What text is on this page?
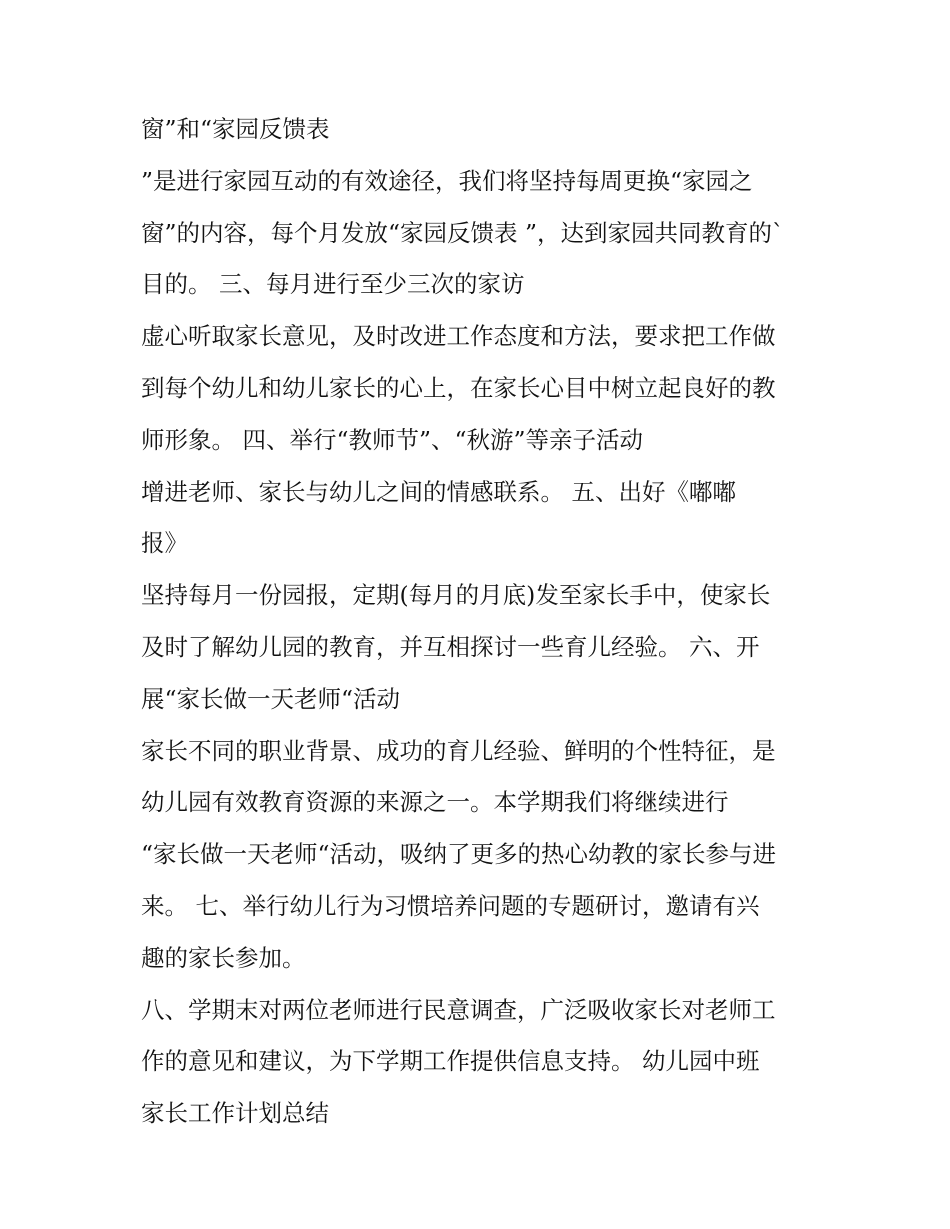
窗”和“家园反馈表
”是进行家园互动的有效途径，我们将坚持每周更换“家园之
窗”的内容，每个月发放“家园反馈表 ”，达到家园共同教育的`
目的。 三、每月进行至少三次的家访
虚心听取家长意见，及时改进工作态度和方法，要求把工作做
到每个幼儿和幼儿家长的心上，在家长心目中树立起良好的教
师形象。 四、举行“教师节”、“秋游”等亲子活动
增进老师、家长与幼儿之间的情感联系。 五、出好《嘟嘟
报》
坚持每月一份园报，定期(每月的月底)发至家长手中，使家长
及时了解幼儿园的教育，并互相探讨一些育儿经验。 六、开
展“家长做一天老师“活动
家长不同的职业背景、成功的育儿经验、鲜明的个性特征，是
幼儿园有效教育资源的来源之一。本学期我们将继续进行
“家长做一天老师“活动，吸纳了更多的热心幼教的家长参与进
来。 七、举行幼儿行为习惯培养问题的专题研讨，邀请有兴
趣的家长参加。
八、学期末对两位老师进行民意调查，广泛吸收家长对老师工
作的意见和建议，为下学期工作提供信息支持。 幼儿园中班
家长工作计划总结
